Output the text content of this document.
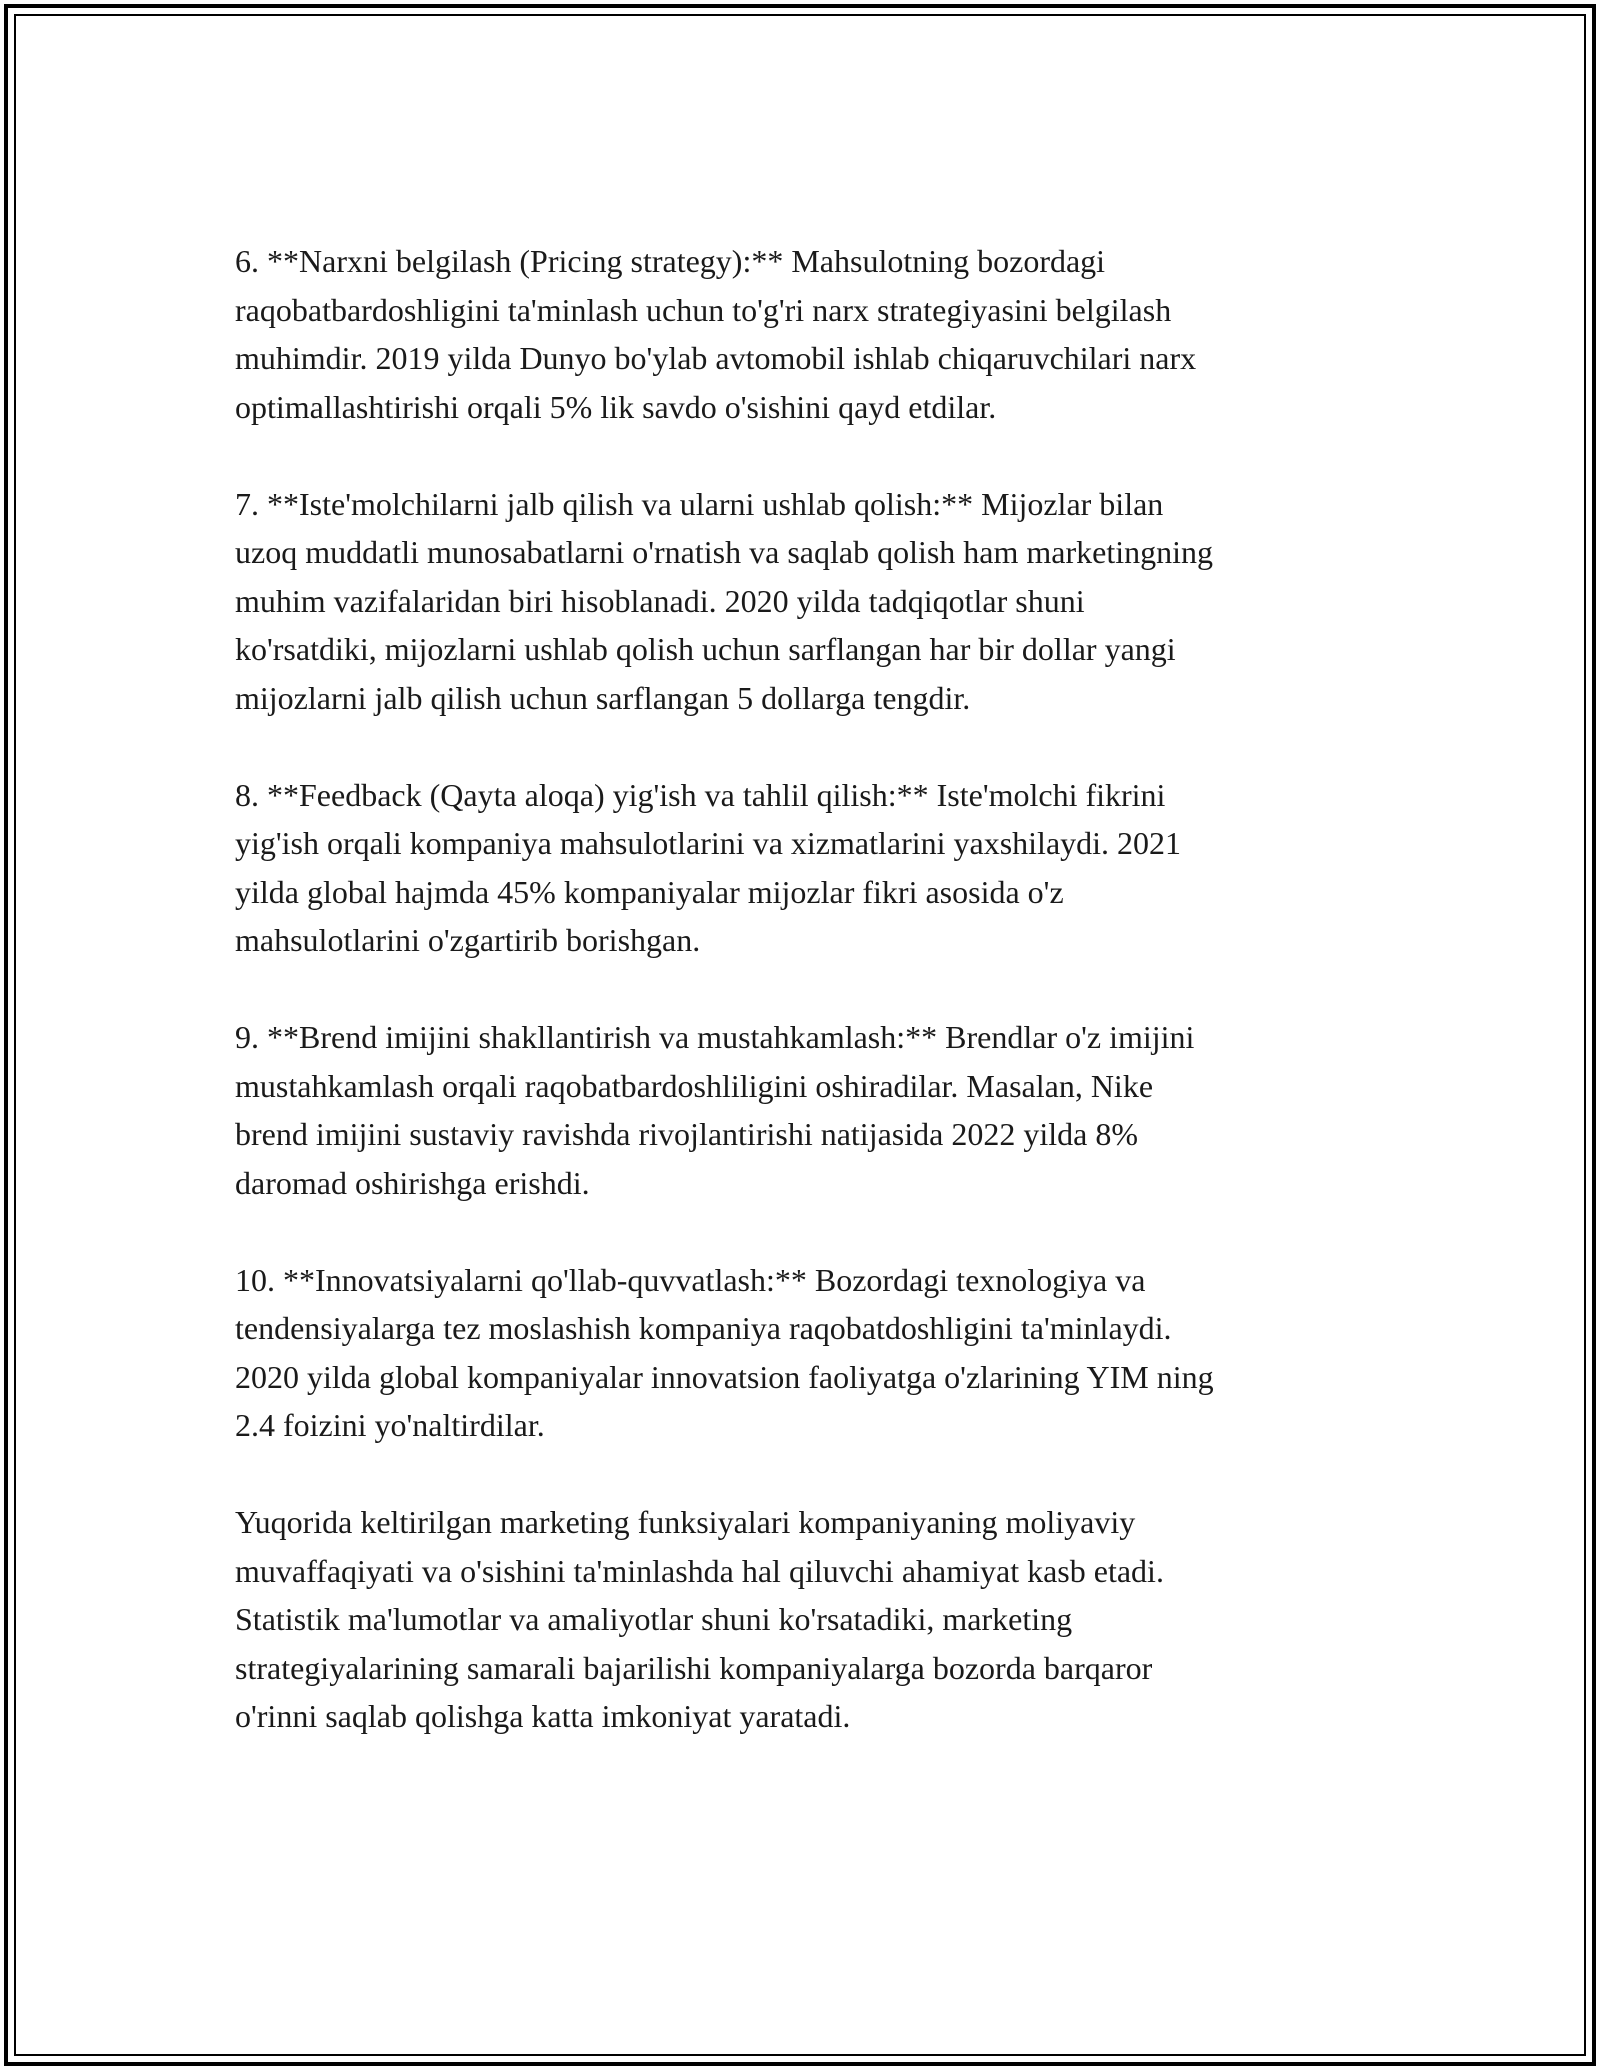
6. **Narxni belgilash (Pricing strategy):** Mahsulotning bozordagi
raqobatbardoshligini ta'minlash uchun to'g'ri narx strategiyasini belgilash
muhimdir. 2019 yilda Dunyo bo'ylab avtomobil ishlab chiqaruvchilari narx
optimallashtirishi orqali 5% lik savdo o'sishini qayd etdilar.

7. **Iste'molchilarni jalb qilish va ularni ushlab qolish:** Mijozlar bilan
uzoq muddatli munosabatlarni o'rnatish va saqlab qolish ham marketingning
muhim vazifalaridan biri hisoblanadi. 2020 yilda tadqiqotlar shuni
ko'rsatdiki, mijozlarni ushlab qolish uchun sarflangan har bir dollar yangi
mijozlarni jalb qilish uchun sarflangan 5 dollarga tengdir.

8. **Feedback (Qayta aloqa) yig'ish va tahlil qilish:** Iste'molchi fikrini
yig'ish orqali kompaniya mahsulotlarini va xizmatlarini yaxshilaydi. 2021
yilda global hajmda 45% kompaniyalar mijozlar fikri asosida o'z
mahsulotlarini o'zgartirib borishgan.

9. **Brend imijini shakllantirish va mustahkamlash:** Brendlar o'z imijini
mustahkamlash orqali raqobatbardoshliligini oshiradilar. Masalan, Nike
brend imijini sustaviy ravishda rivojlantirishi natijasida 2022 yilda 8%
daromad oshirishga erishdi.

10. **Innovatsiyalarni qo'llab-quvvatlash:** Bozordagi texnologiya va
tendensiyalarga tez moslashish kompaniya raqobatdoshligini ta'minlaydi.
2020 yilda global kompaniyalar innovatsion faoliyatga o'zlarining YIM ning
2.4 foizini yo'naltirdilar.

Yuqorida keltirilgan marketing funksiyalari kompaniyaning moliyaviy
muvaffaqiyati va o'sishini ta'minlashda hal qiluvchi ahamiyat kasb etadi.
Statistik ma'lumotlar va amaliyotlar shuni ko'rsatadiki, marketing
strategiyalarining samarali bajarilishi kompaniyalarga bozorda barqaror
o'rinni saqlab qolishga katta imkoniyat yaratadi.
